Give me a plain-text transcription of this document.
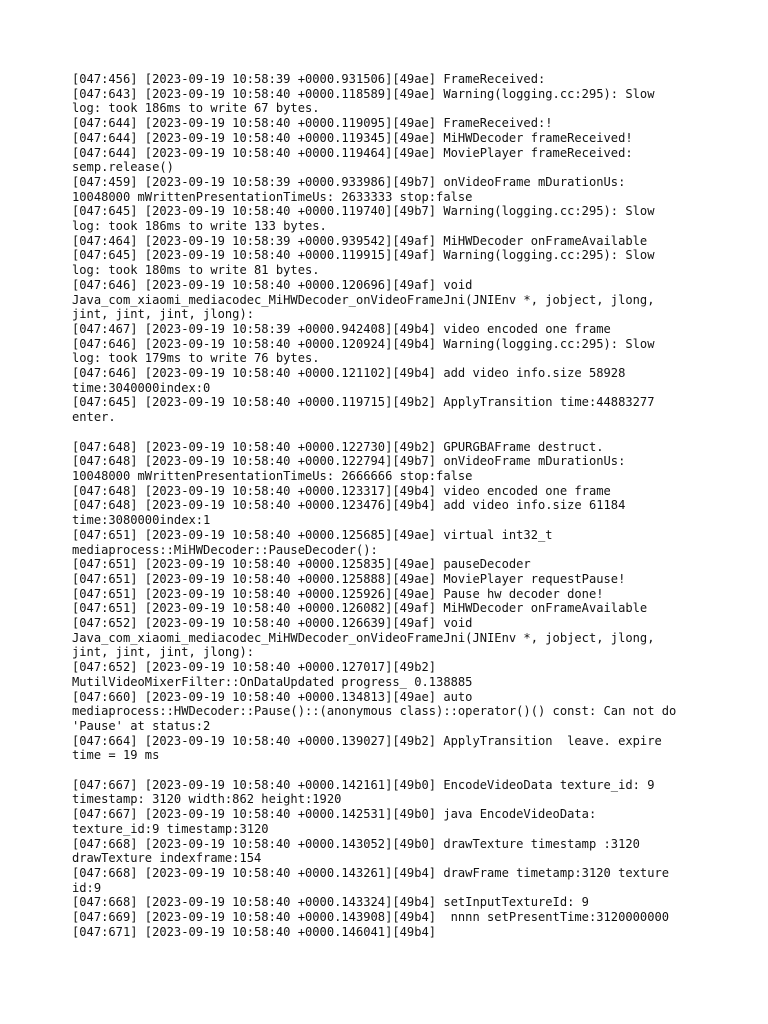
[047:456] [2023-09-19 10:58:39 +0000.931506][49ae] FrameReceived:
[047:643] [2023-09-19 10:58:40 +0000.118589][49ae] Warning(logging.cc:295): Slow
log: took 186ms to write 67 bytes.
[047:644] [2023-09-19 10:58:40 +0000.119095][49ae] FrameReceived:!
[047:644] [2023-09-19 10:58:40 +0000.119345][49ae] MiHWDecoder frameReceived!
[047:644] [2023-09-19 10:58:40 +0000.119464][49ae] MoviePlayer frameReceived:
semp.release()
[047:459] [2023-09-19 10:58:39 +0000.933986][49b7] onVideoFrame mDurationUs:
10048000 mWrittenPresentationTimeUs: 2633333 stop:false
[047:645] [2023-09-19 10:58:40 +0000.119740][49b7] Warning(logging.cc:295): Slow
log: took 186ms to write 133 bytes.
[047:464] [2023-09-19 10:58:39 +0000.939542][49af] MiHWDecoder onFrameAvailable
[047:645] [2023-09-19 10:58:40 +0000.119915][49af] Warning(logging.cc:295): Slow
log: took 180ms to write 81 bytes.
[047:646] [2023-09-19 10:58:40 +0000.120696][49af] void
Java_com_xiaomi_mediacodec_MiHWDecoder_onVideoFrameJni(JNIEnv *, jobject, jlong,
jint, jint, jint, jlong):
[047:467] [2023-09-19 10:58:39 +0000.942408][49b4] video encoded one frame
[047:646] [2023-09-19 10:58:40 +0000.120924][49b4] Warning(logging.cc:295): Slow
log: took 179ms to write 76 bytes.
[047:646] [2023-09-19 10:58:40 +0000.121102][49b4] add video info.size 58928
time:3040000index:0
[047:645] [2023-09-19 10:58:40 +0000.119715][49b2] ApplyTransition time:44883277
enter.

[047:648] [2023-09-19 10:58:40 +0000.122730][49b2] GPURGBAFrame destruct.
[047:648] [2023-09-19 10:58:40 +0000.122794][49b7] onVideoFrame mDurationUs:
10048000 mWrittenPresentationTimeUs: 2666666 stop:false
[047:648] [2023-09-19 10:58:40 +0000.123317][49b4] video encoded one frame
[047:648] [2023-09-19 10:58:40 +0000.123476][49b4] add video info.size 61184
time:3080000index:1
[047:651] [2023-09-19 10:58:40 +0000.125685][49ae] virtual int32_t
mediaprocess::MiHWDecoder::PauseDecoder():
[047:651] [2023-09-19 10:58:40 +0000.125835][49ae] pauseDecoder
[047:651] [2023-09-19 10:58:40 +0000.125888][49ae] MoviePlayer requestPause!
[047:651] [2023-09-19 10:58:40 +0000.125926][49ae] Pause hw decoder done!
[047:651] [2023-09-19 10:58:40 +0000.126082][49af] MiHWDecoder onFrameAvailable
[047:652] [2023-09-19 10:58:40 +0000.126639][49af] void
Java_com_xiaomi_mediacodec_MiHWDecoder_onVideoFrameJni(JNIEnv *, jobject, jlong,
jint, jint, jint, jlong):
[047:652] [2023-09-19 10:58:40 +0000.127017][49b2]
MutilVideoMixerFilter::OnDataUpdated progress_ 0.138885
[047:660] [2023-09-19 10:58:40 +0000.134813][49ae] auto
mediaprocess::HWDecoder::Pause()::(anonymous class)::operator()() const: Can not do
'Pause' at status:2
[047:664] [2023-09-19 10:58:40 +0000.139027][49b2] ApplyTransition  leave. expire
time = 19 ms

[047:667] [2023-09-19 10:58:40 +0000.142161][49b0] EncodeVideoData texture_id: 9
timestamp: 3120 width:862 height:1920
[047:667] [2023-09-19 10:58:40 +0000.142531][49b0] java EncodeVideoData:
texture_id:9 timestamp:3120
[047:668] [2023-09-19 10:58:40 +0000.143052][49b0] drawTexture timestamp :3120
drawTexture indexframe:154
[047:668] [2023-09-19 10:58:40 +0000.143261][49b4] drawFrame timetamp:3120 texture
id:9
[047:668] [2023-09-19 10:58:40 +0000.143324][49b4] setInputTextureId: 9
[047:669] [2023-09-19 10:58:40 +0000.143908][49b4]  nnnn setPresentTime:3120000000
[047:671] [2023-09-19 10:58:40 +0000.146041][49b4]
